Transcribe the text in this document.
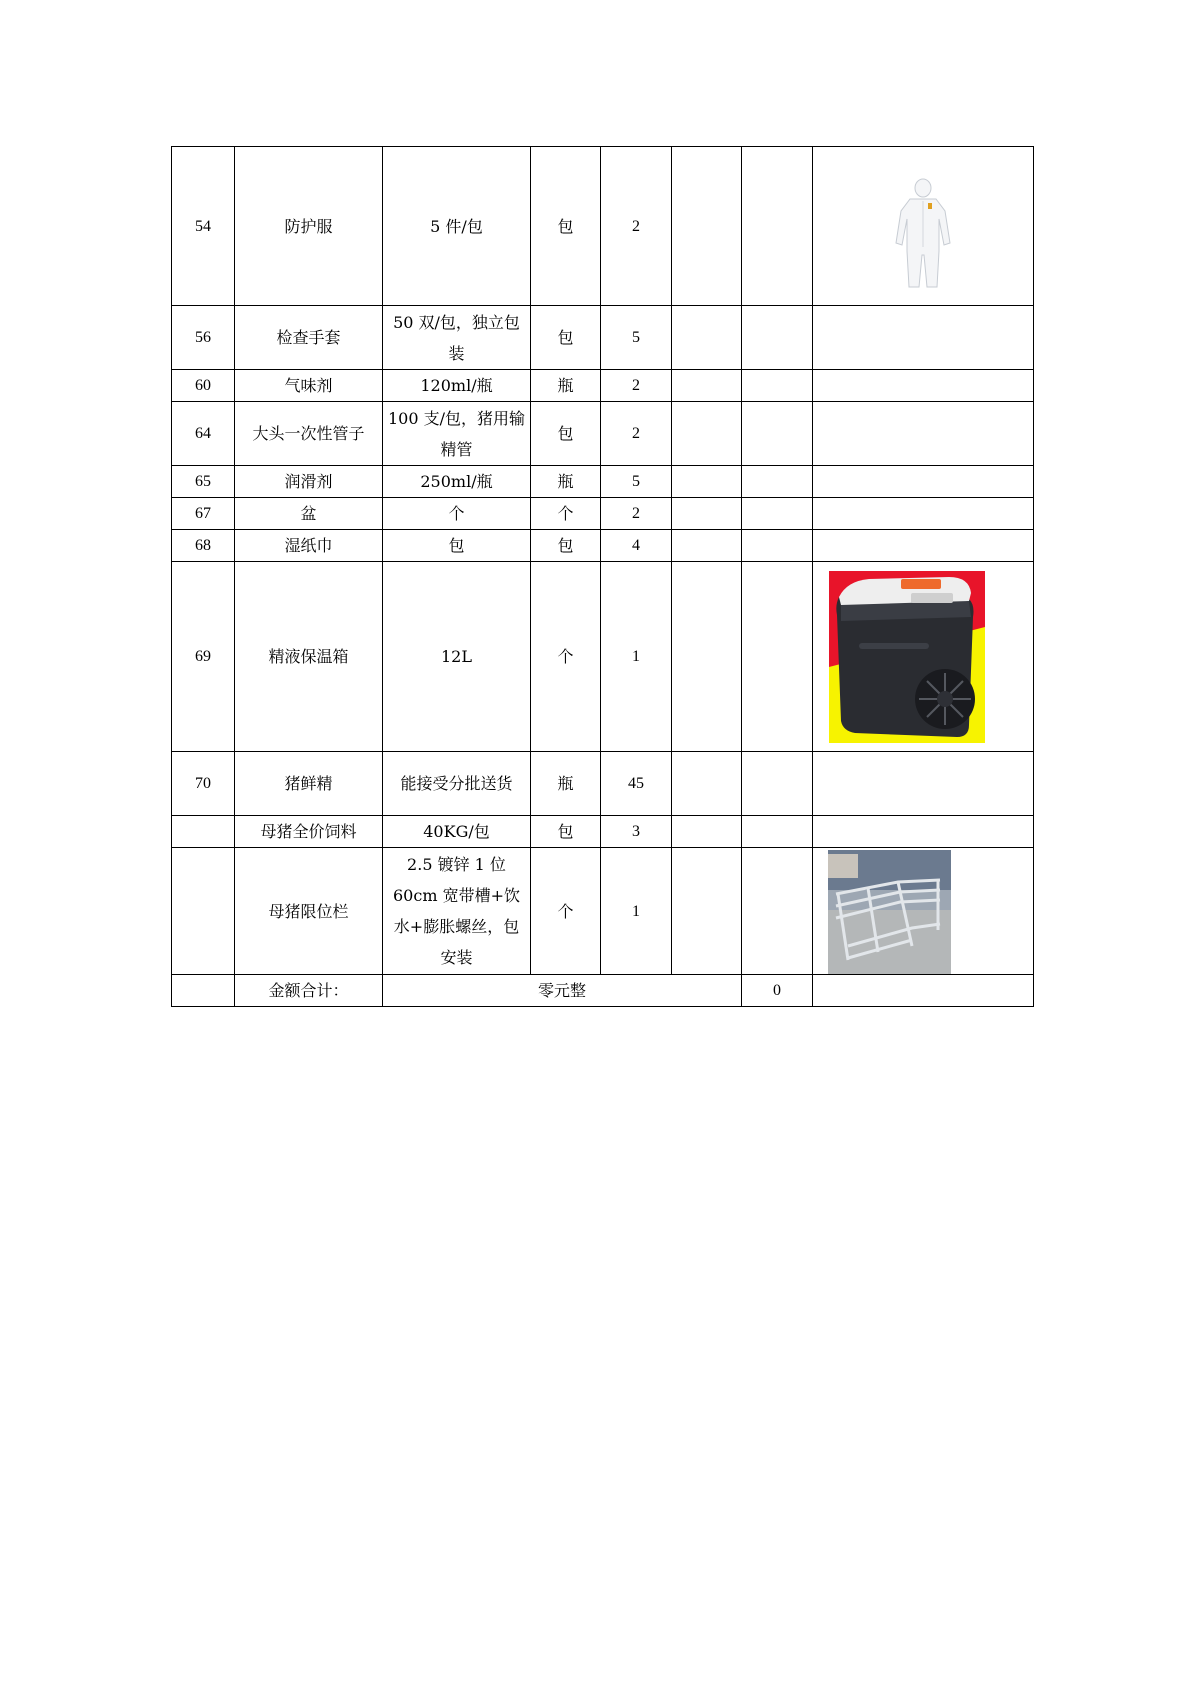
54	防护服	5 件/包	包	2			

56	检查手套	50 双/包，独立包装	包	5			
60	气味剂	120ml/瓶	瓶	2			
64	大头一次性管子	100 支/包，猪用输精管	包	2			
65	润滑剂	250ml/瓶	瓶	5			
67	盆	个	个	2			
68	湿纸巾	包	包	4			
69	精液保温箱	12L	个	1			

70	猪鲜精	能接受分批送货	瓶	45			
	母猪全价饲料	40KG/包	包	3			
	母猪限位栏	2.5 镀锌 1 位60cm 宽带槽+饮水+膨胀螺丝，包安装	个	1			

	金额合计：	零元整				0	
